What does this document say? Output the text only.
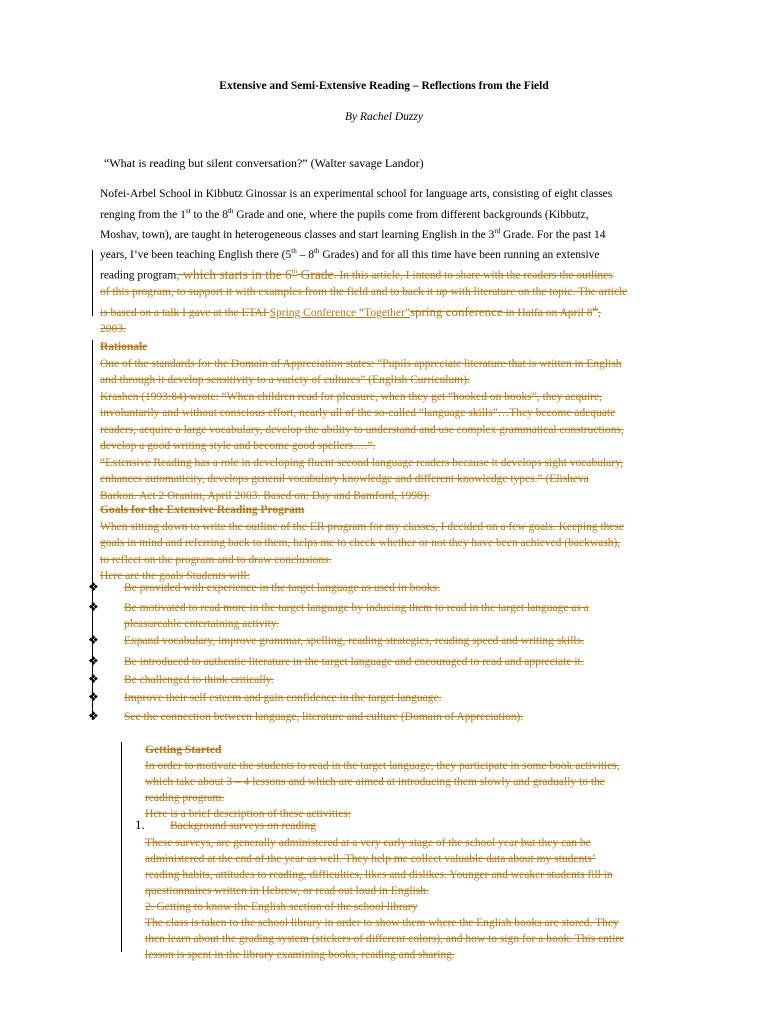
Extensive and Semi-Extensive Reading – Reflections from the Field
By Rachel Duzzy
“What is reading but silent conversation?” (Walter savage Landor)
Nofei-Arbel School in Kibbutz Ginossar is an experimental school for language arts, consisting of eight classes
renging from the 1st to the 8th Grade and one, where the pupils come from different backgrounds (Kibbutz,
Moshav, town), are taught in heterogeneous classes and start learning English in the 3rd Grade. For the past 14
years, I’ve been teaching English there (5th – 8th Grades) and for all this time have been running an extensive
reading program, which starts in the 6th Grade. In this article, I intend to share with the readers the outlines
of this program, to support it with examples from the field and to back it up with literature on the topic. The article
is based on a talk I gave at the ETAI Spring Conference “Together”spring conference in Haifa on April 8th,
2003.
Rationale
One of the standards for the Domain of Appreciation states: “Pupils appreciate literature that is written in English
and through it develop sensitivity to a variety of cultures” (English Curriculum).
Krashen (1993:84) wrote: “When children read for pleasure, when they get “hooked on books”, they acquire,
involuntarily and without conscious effort, nearly all of the so-called “language skills”…They become adequate
readers, acquire a large vocabulary, develop the ability to understand and use complex grammatical constructions,
develop a good writing style and become good spellers….”.
“Extensive Reading has a role in developing fluent second language readers because it develops sight vocabulary,
enhances automaticity, develops general vocabulary knowledge and different knowledge types.” (Elisheva
Barkon. Act 2 Oranim, April 2003. Based on: Day and Bamford, 1998).
Goals for the Extensive Reading Program
When sitting down to write the outline of the ER program for my classes, I decided on a few goals. Keeping these
goals in mind and referring back to them, helps me to check whether or not they have been achieved (backwash),
to reflect on the program and to draw conclusions.
Here are the goals Students will:
❖ Be provided with experience in the target language as used in books.
❖ Be motivated to read more in the target language by inducing them to read in the target language as a
pleasureable entertaining activity.
❖ Expand vocabulary, improve grammar, spelling, reading strategies, reading speed and writing skills.
❖ Be introduced to authentic literature in the target language and encouraged to read and appreciate it.
❖ Be challenged to think critically.
❖ Improve their self esteem and gain confidence in the target language.
❖ See the connection between language, literature and culture (Domain of Appreciation).
Getting Started
In order to motivate the students to read in the target language, they participate in some book activities,
which take about 3 – 4 lessons and which are aimed at introducing them slowly and gradually to the
reading program.
Here is a brief description of these activities:
1. Background surveys on reading
These surveys, are generally administered at a very early stage of the school year but they can be
administered at the end of the year as well. They help me collect valuable data about my students’
reading habits, attitudes to reading, difficulties, likes and dislikes. Younger and weaker students fill in
questionnaires written in Hebrew, or read out loud in English.
2. Getting to know the English section of the school library
The class is taken to the school library in order to show them where the English books are stored. They
then learn about the grading system (stickers of different colors), and how to sign for a book. This entire
lesson is spent in the library examining books, reading and sharing.
